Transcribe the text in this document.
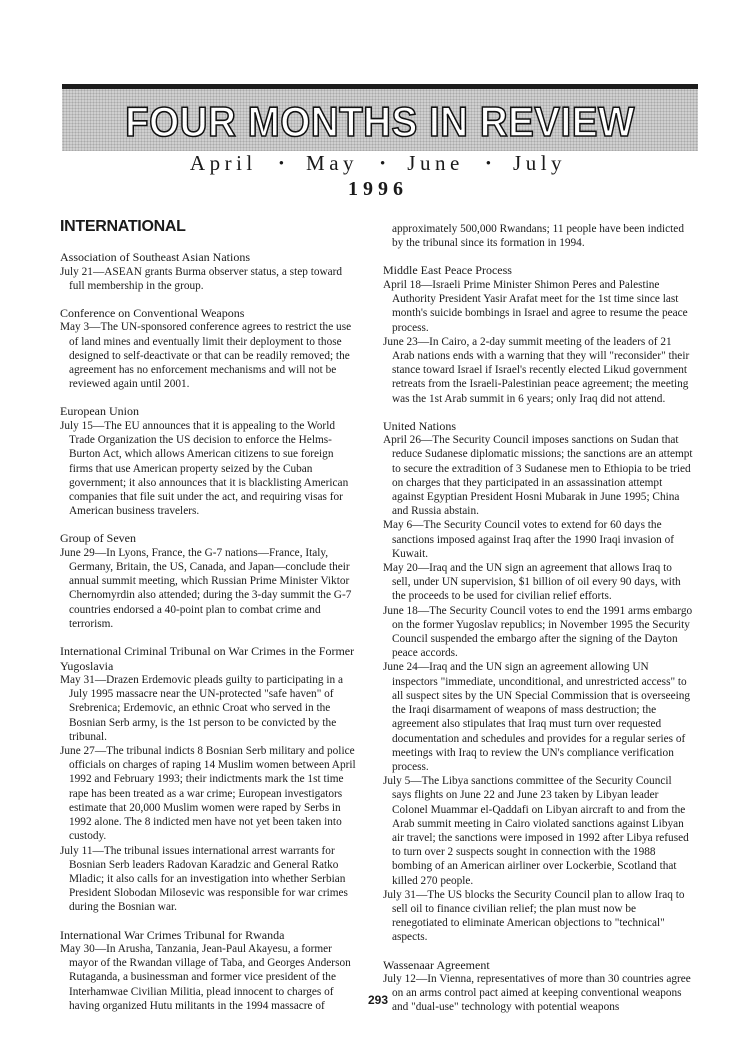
FOUR MONTHS IN REVIEW
April • May • June • July
1996
INTERNATIONAL
Association of Southeast Asian Nations

July 21—ASEAN grants Burma observer status, a step toward full membership in the group.

Conference on Conventional Weapons

May 3—The UN-sponsored conference agrees to restrict the use of land mines and eventually limit their deployment to those designed to self-deactivate or that can be readily removed; the agreement has no enforcement mechanisms and will not be reviewed again until 2001.

European Union

July 15—The EU announces that it is appealing to the World Trade Organization the US decision to enforce the Helms-Burton Act, which allows American citizens to sue foreign firms that use American property seized by the Cuban government; it also announces that it is blacklisting American companies that file suit under the act, and requiring visas for American business travelers.

Group of Seven

June 29—In Lyons, France, the G-7 nations—France, Italy, Germany, Britain, the US, Canada, and Japan—conclude their annual summit meeting, which Russian Prime Minister Viktor Chernomyrdin also attended; during the 3-day summit the G-7 countries endorsed a 40-point plan to combat crime and terrorism.

International Criminal Tribunal on War Crimes in the Former Yugoslavia

May 31—Drazen Erdemovic pleads guilty to participating in a July 1995 massacre near the UN-protected "safe haven" of Srebrenica; Erdemovic, an ethnic Croat who served in the Bosnian Serb army, is the 1st person to be convicted by the tribunal.

June 27—The tribunal indicts 8 Bosnian Serb military and police officials on charges of raping 14 Muslim women between April 1992 and February 1993; their indictments mark the 1st time rape has been treated as a war crime; European investigators estimate that 20,000 Muslim women were raped by Serbs in 1992 alone. The 8 indicted men have not yet been taken into custody.

July 11—The tribunal issues international arrest warrants for Bosnian Serb leaders Radovan Karadzic and General Ratko Mladic; it also calls for an investigation into whether Serbian President Slobodan Milosevic was responsible for war crimes during the Bosnian war.

International War Crimes Tribunal for Rwanda

May 30—In Arusha, Tanzania, Jean-Paul Akayesu, a former mayor of the Rwandan village of Taba, and Georges Anderson Rutaganda, a businessman and former vice president of the Interhamwae Civilian Militia, plead innocent to charges of having organized Hutu militants in the 1994 massacre of

approximately 500,000 Rwandans; 11 people have been indicted by the tribunal since its formation in 1994.

Middle East Peace Process

April 18—Israeli Prime Minister Shimon Peres and Palestine Authority President Yasir Arafat meet for the 1st time since last month's suicide bombings in Israel and agree to resume the peace process.

June 23—In Cairo, a 2-day summit meeting of the leaders of 21 Arab nations ends with a warning that they will "reconsider" their stance toward Israel if Israel's recently elected Likud government retreats from the Israeli-Palestinian peace agreement; the meeting was the 1st Arab summit in 6 years; only Iraq did not attend.

United Nations

April 26—The Security Council imposes sanctions on Sudan that reduce Sudanese diplomatic missions; the sanctions are an attempt to secure the extradition of 3 Sudanese men to Ethiopia to be tried on charges that they participated in an assassination attempt against Egyptian President Hosni Mubarak in June 1995; China and Russia abstain.

May 6—The Security Council votes to extend for 60 days the sanctions imposed against Iraq after the 1990 Iraqi invasion of Kuwait.

May 20—Iraq and the UN sign an agreement that allows Iraq to sell, under UN supervision, $1 billion of oil every 90 days, with the proceeds to be used for civilian relief efforts.

June 18—The Security Council votes to end the 1991 arms embargo on the former Yugoslav republics; in November 1995 the Security Council suspended the embargo after the signing of the Dayton peace accords.

June 24—Iraq and the UN sign an agreement allowing UN inspectors "immediate, unconditional, and unrestricted access" to all suspect sites by the UN Special Commission that is overseeing the Iraqi disarmament of weapons of mass destruction; the agreement also stipulates that Iraq must turn over requested documentation and schedules and provides for a regular series of meetings with Iraq to review the UN's compliance verification process.

July 5—The Libya sanctions committee of the Security Council says flights on June 22 and June 23 taken by Libyan leader Colonel Muammar el-Qaddafi on Libyan aircraft to and from the Arab summit meeting in Cairo violated sanctions against Libyan air travel; the sanctions were imposed in 1992 after Libya refused to turn over 2 suspects sought in connection with the 1988 bombing of an American airliner over Lockerbie, Scotland that killed 270 people.

July 31—The US blocks the Security Council plan to allow Iraq to sell oil to finance civilian relief; the plan must now be renegotiated to eliminate American objections to "technical" aspects.

Wassenaar Agreement

July 12—In Vienna, representatives of more than 30 countries agree on an arms control pact aimed at keeping conventional weapons and "dual-use" technology with potential weapons

293
